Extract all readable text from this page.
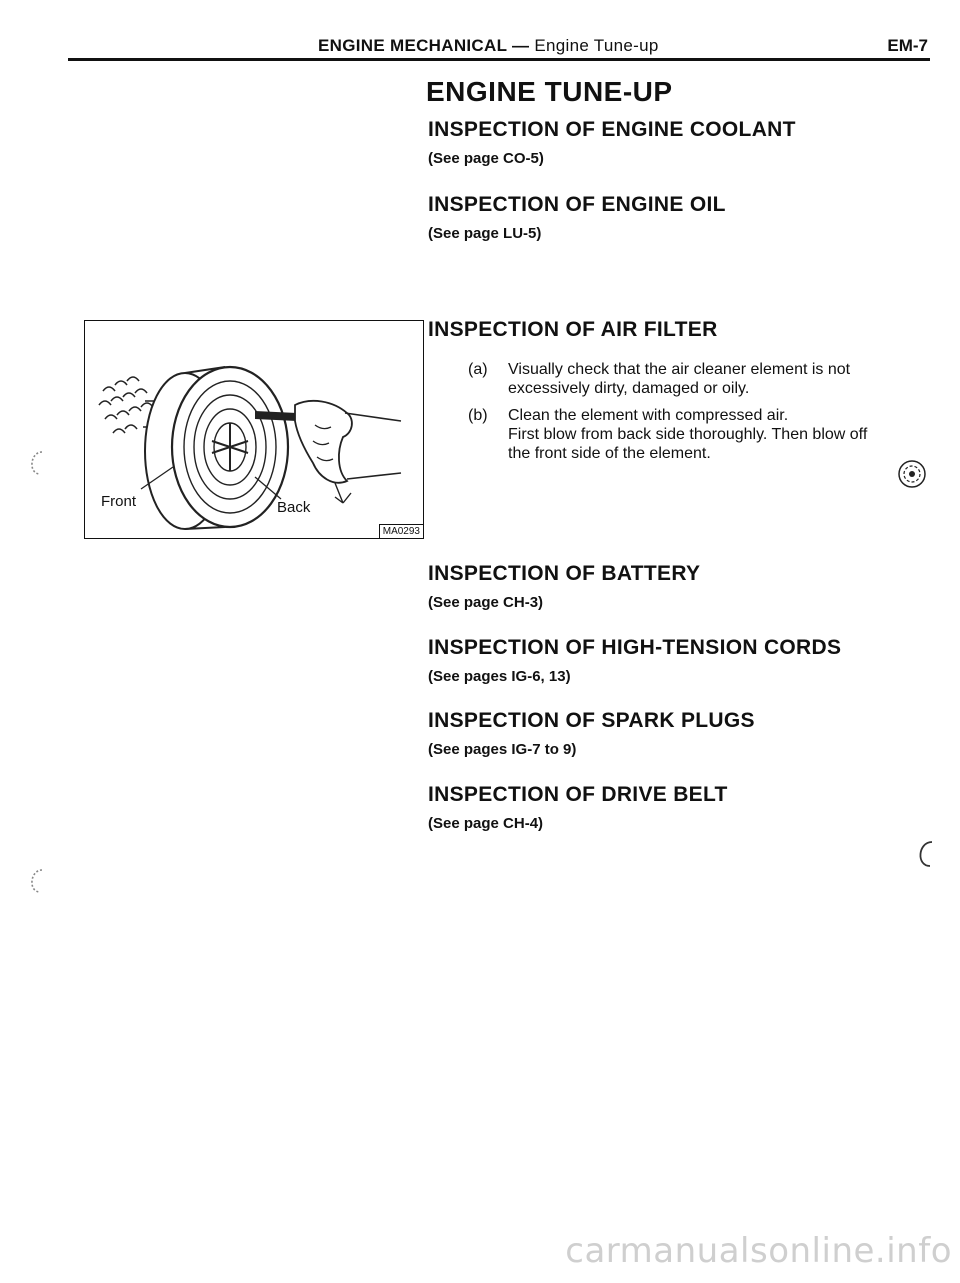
ENGINE MECHANICAL — Engine Tune-up	EM-7
ENGINE TUNE-UP
INSPECTION OF ENGINE COOLANT
(See page CO-5)
INSPECTION OF ENGINE OIL
(See page LU-5)
INSPECTION OF AIR FILTER
(a) Visually check that the air cleaner element is not
excessively dirty, damaged or oily.
(b) Clean the element with compressed air.
First blow from back side thoroughly. Then blow off
the front side of the element.
Front	Back
MA0293
INSPECTION OF BATTERY
(See page CH-3)
INSPECTION OF HIGH-TENSION CORDS
(See pages IG-6, 13)
INSPECTION OF SPARK PLUGS
(See pages IG-7 to 9)
INSPECTION OF DRIVE BELT
(See page CH-4)
carmanualsonline.info
